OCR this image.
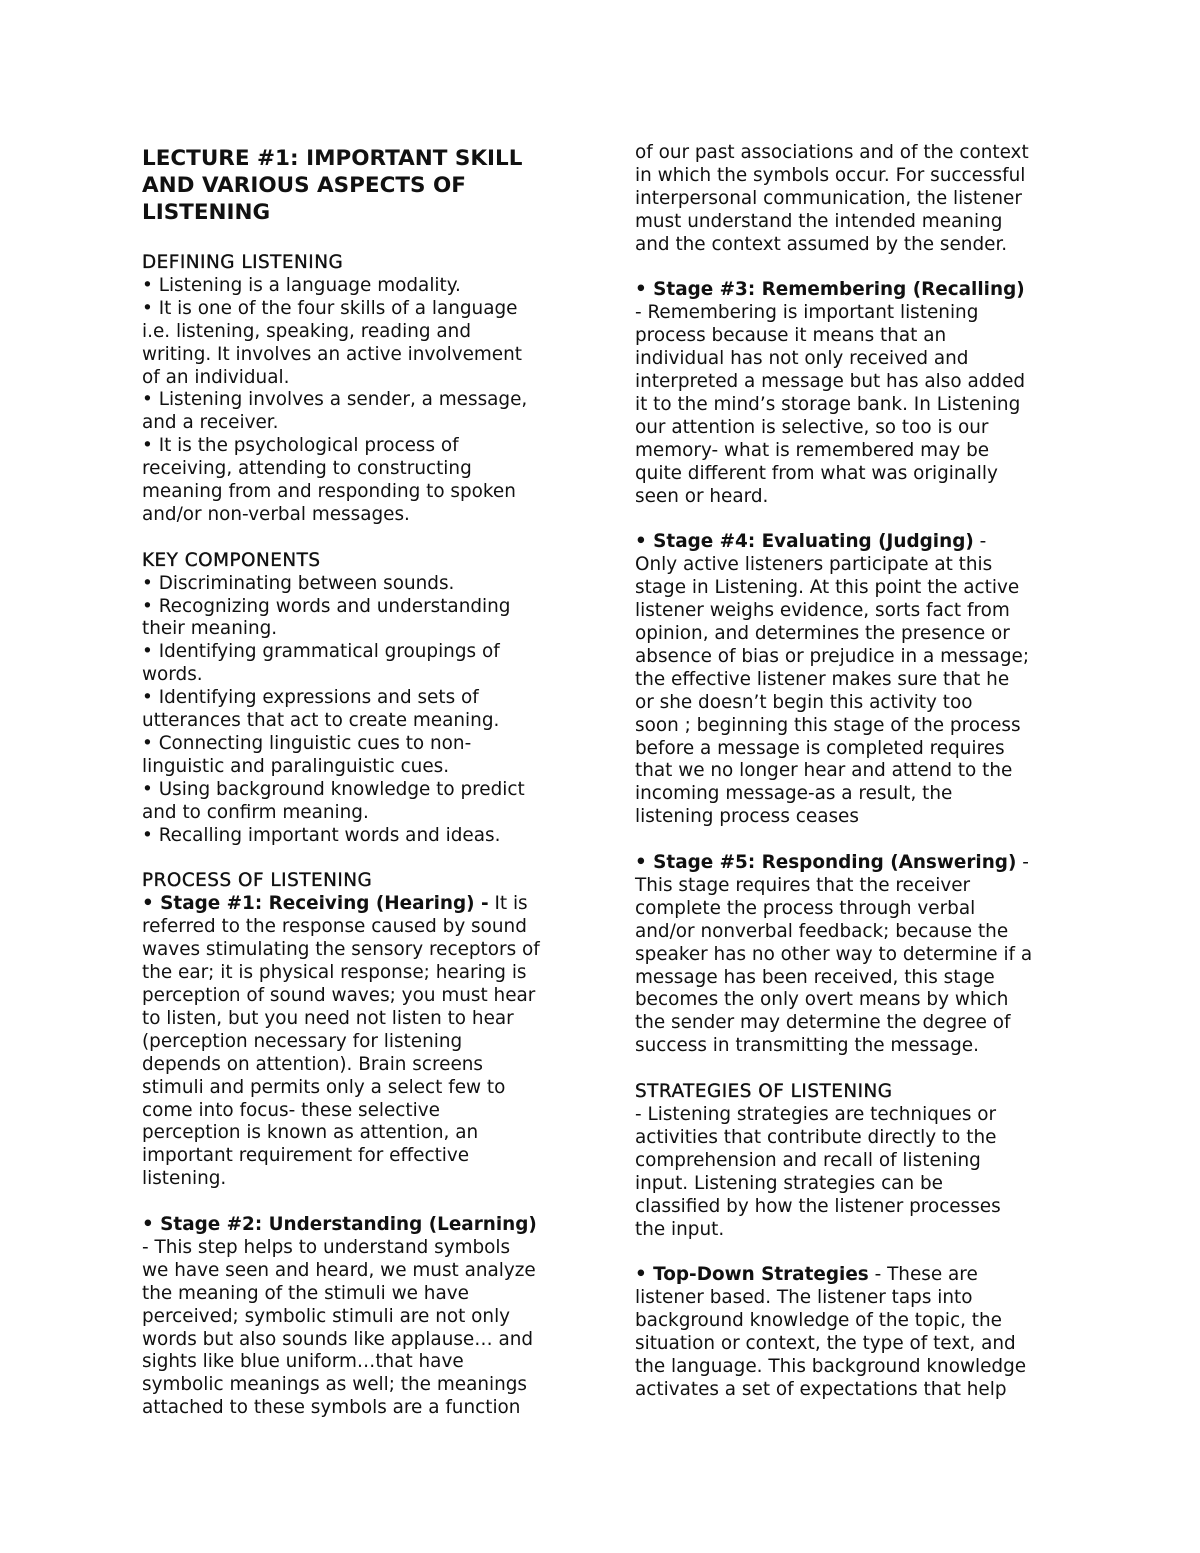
LECTURE #1: IMPORTANT SKILL
AND VARIOUS ASPECTS OF
LISTENING
DEFINING LISTENING
• Listening is a language modality.
• It is one of the four skills of a language
i.e. listening, speaking, reading and
writing. It involves an active involvement
of an individual.
• Listening involves a sender, a message,
and a receiver.
• It is the psychological process of
receiving, attending to constructing
meaning from and responding to spoken
and/or non-verbal messages.
KEY COMPONENTS
• Discriminating between sounds.
• Recognizing words and understanding
their meaning.
• Identifying grammatical groupings of
words.
• Identifying expressions and sets of
utterances that act to create meaning.
• Connecting linguistic cues to non-
linguistic and paralinguistic cues.
• Using background knowledge to predict
and to confirm meaning.
• Recalling important words and ideas.
PROCESS OF LISTENING
• Stage #1: Receiving (Hearing) - It is
referred to the response caused by sound
waves stimulating the sensory receptors of
the ear; it is physical response; hearing is
perception of sound waves; you must hear
to listen, but you need not listen to hear
(perception necessary for listening
depends on attention). Brain screens
stimuli and permits only a select few to
come into focus- these selective
perception is known as attention, an
important requirement for effective
listening.
• Stage #2: Understanding (Learning)
- This step helps to understand symbols
we have seen and heard, we must analyze
the meaning of the stimuli we have
perceived; symbolic stimuli are not only
words but also sounds like applause… and
sights like blue uniform…that have
symbolic meanings as well; the meanings
attached to these symbols are a function
of our past associations and of the context
in which the symbols occur. For successful
interpersonal communication, the listener
must understand the intended meaning
and the context assumed by the sender.
• Stage #3: Remembering (Recalling)
- Remembering is important listening
process because it means that an
individual has not only received and
interpreted a message but has also added
it to the mind’s storage bank. In Listening
our attention is selective, so too is our
memory- what is remembered may be
quite different from what was originally
seen or heard.
• Stage #4: Evaluating (Judging) -
Only active listeners participate at this
stage in Listening. At this point the active
listener weighs evidence, sorts fact from
opinion, and determines the presence or
absence of bias or prejudice in a message;
the effective listener makes sure that he
or she doesn’t begin this activity too
soon ; beginning this stage of the process
before a message is completed requires
that we no longer hear and attend to the
incoming message-as a result, the
listening process ceases
• Stage #5: Responding (Answering) -
This stage requires that the receiver
complete the process through verbal
and/or nonverbal feedback; because the
speaker has no other way to determine if a
message has been received, this stage
becomes the only overt means by which
the sender may determine the degree of
success in transmitting the message.
STRATEGIES OF LISTENING
- Listening strategies are techniques or
activities that contribute directly to the
comprehension and recall of listening
input. Listening strategies can be
classified by how the listener processes
the input.
• Top-Down Strategies - These are
listener based. The listener taps into
background knowledge of the topic, the
situation or context, the type of text, and
the language. This background knowledge
activates a set of expectations that help
